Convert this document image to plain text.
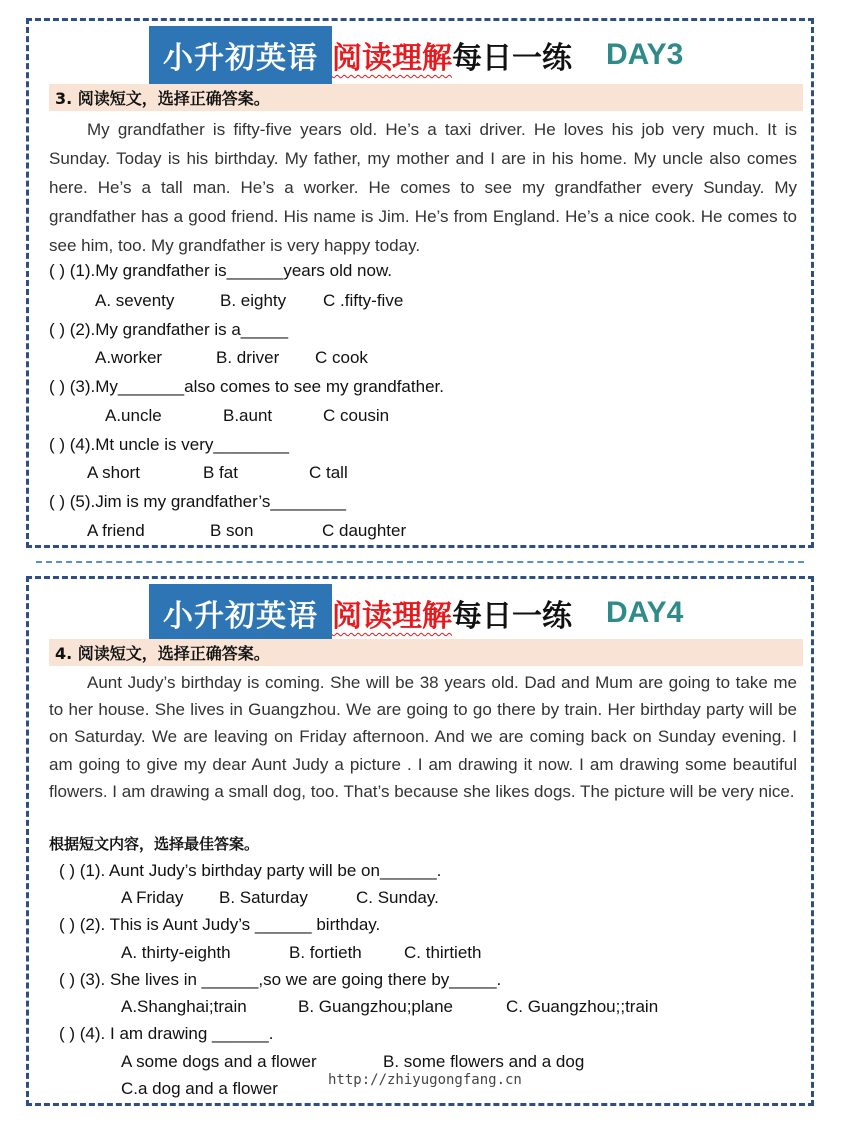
小升初英语 阅读理解 每日一练 DAY3
3. 阅读短文，选择正确答案。
My grandfather is fifty-five years old. He’s a taxi driver. He loves his job very much. It is Sunday. Today is his birthday. My father, my mother and I are in his home. My uncle also comes here. He’s a tall man. He’s a worker. He comes to see my grandfather every Sunday. My grandfather has a good friend. His name is Jim. He’s from England. He’s a nice cook. He comes to see him, too. My grandfather is very happy today.
( ) (1).My grandfather is______years old now.
A. seventy	B. eighty C .fifty-five
( ) (2).My grandfather is a_____
A.worker	B. driver C cook
( ) (3).My_______also comes to see my grandfather.
A.uncle	B.aunt	C cousin
( ) (4).Mt uncle is very________
A short	B fat	C tall
( ) (5).Jim is my grandfather’s________
A friend	B son	C daughter
小升初英语 阅读理解 每日一练 DAY4
4. 阅读短文，选择正确答案。
Aunt Judy’s birthday is coming. She will be 38 years old. Dad and Mum are going to take me to her house. She lives in Guangzhou. We are going to go there by train. Her birthday party will be on Saturday. We are leaving on Friday afternoon. And we are coming back on Sunday evening. I am going to give my dear Aunt Judy a picture . I am drawing it now. I am drawing some beautiful flowers. I am drawing a small dog, too. That’s because she likes dogs. The picture will be very nice.
根据短文内容，选择最佳答案。
( ) (1). Aunt Judy’s birthday party will be on______.
A Friday B. Saturday	C. Sunday.
( ) (2). This is Aunt Judy’s ______ birthday.
A. thirty-eighth	B. fortieth C. thirtieth
( ) (3). She lives in ______,so we are going there by_____.
A.Shanghai;train	B. Guangzhou;plane	C. Guangzhou;;train
( ) (4). I am drawing ______.
A some dogs and a flower	B. some flowers and a dog
C.a dog and a flower	http://zhiyugongfang.cn
